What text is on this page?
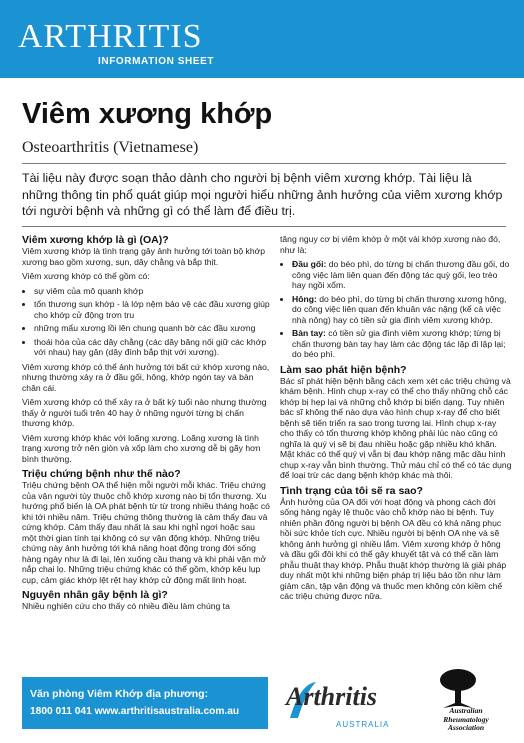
ARTHRITIS
INFORMATION SHEET
Viêm xương khớp
Osteoarthritis (Vietnamese)
Tài liệu này được soạn thảo dành cho người bị bệnh viêm xương khớp. Tài liệu là những thông tin phổ quát giúp mọi người hiểu những ảnh hưởng của viêm xương khớp tới người bệnh và những gì có thể làm để điều trị.
Viêm xương khớp là gì (OA)?

Viêm xương khớp là tình trạng gây ảnh hưởng tới toàn bộ khớp xương bao gồm xương, sụn, dây chằng và bắp thịt.

Viêm xương khớp có thể gồm có:

• sự viêm của mô quanh khớp
• tổn thương sụn khớp - là lớp nệm bảo vệ các đầu xương giúp cho khớp cử động trơn tru
• những mẩu xương lồi lên chung quanh bờ các đầu xương
• thoái hóa của các dây chằng (các dây băng nối giữ các khớp với nhau) hay gân (dây đính bắp thịt với xương).

Viêm xương khớp có thể ảnh hưởng tới bất cứ khớp xương nào, nhưng thường xảy ra ở đầu gối, hông, khớp ngón tay và bàn chân cái.

Viêm xương khớp có thể xảy ra ở bất kỳ tuổi nào nhưng thường thấy ở người tuổi trên 40 hay ở những người từng bị chấn thương khớp.

Viêm xương khớp khác với loãng xương. Loãng xương là tình trạng xương trở nên giòn và xốp làm cho xương dễ bị gãy hơn bình thường.

Triệu chứng bệnh như thế nào?

Triệu chứng bệnh OA thể hiện mỗi người mỗi khác. Triệu chứng của vận người tùy thuộc chỗ khớp xương nào bị tổn thương. Xu hướng phổ biến là OA phát bệnh từ từ trong nhiều tháng hoặc có khi tới nhiều năm. Triệu chứng thông thường là cảm thấy đau và cứng khớp. Cảm thấy đau nhất là sau khi nghỉ ngơi hoặc sau một thời gian tính tại không có sự vận động khớp. Những triệu chứng này ảnh hưởng tới khả năng hoạt động trong đời sống hàng ngày như là đi lại, lên xuống cầu thang và khi phải vặn mở nắp chai lọ. Những triệu chứng khác có thể gồm, khớp kêu lụp cụp, cảm giác khớp lệt rệt hay khớp cử động mất linh hoạt.

Nguyên nhân gây bệnh là gì?

Nhiều nghiên cứu cho thấy có nhiều điều làm chúng ta

tăng nguy cơ bị viêm khớp ở một vài khớp xương nào đó, như là:

• Đầu gối: do béo phì, do từng bị chấn thương đầu gối, do công việc làm liên quan đến động tác quỳ gối, leo trèo hay ngồi xổm.
• Hông: do béo phì, do từng bị chấn thương xương hông, do công việc liên quan đến khuân vác nặng (kể cả việc nhà nông) hay có tiền sử gia đình viêm xương khớp.
• Bàn tay: có tiền sử gia đình viêm xương khớp; từng bị chấn thương bàn tay hay làm các động tác lặp đi lặp lại; do béo phì.
Làm sao phát hiện bệnh?

Bác sĩ phát hiện bệnh bằng cách xem xét các triệu chứng và khám bệnh. Hình chụp x-ray có thể cho thấy những chỗ các khớp bị hẹp lại và những chỗ khớp bị biến dạng. Tuy nhiên bác sĩ không thể nào dựa vào hình chụp x-ray để cho biết bệnh sẽ tiến triển ra sao trong tương lai. Hình chụp x-ray cho thấy có tổn thương khớp không phải lúc nào cũng có nghĩa là quý vị sẽ bị đau nhiều hoặc gặp nhiều khó khăn. Mặt khác có thể quý vị vẫn bị đau khớp nặng mặc dầu hình chụp x-ray vẫn bình thường. Thử máu chỉ có thể có tác dụng để loại trừ các dạng bệnh khớp khác mà thôi.

Tình trạng của tôi sẽ ra sao?

Ảnh hưởng của OA đối với hoạt động và phong cách đời sống hàng ngày lệ thuộc vào chỗ khớp nào bị bệnh. Tuy nhiên phần đông người bị bệnh OA đều có khả năng phục hồi sức khỏe tích cực. Nhiều người bị bệnh OA nhẹ và sẽ không ảnh hưởng gì nhiều lắm. Viêm xương khớp ở hông và đầu gối đôi khi có thể gây khuyết tật và có thể cần làm phẫu thuật thay khớp. Phẫu thuật khớp thường là giải pháp duy nhất một khi những biện pháp trị liệu bảo tồn như làm giảm cân, tập vận động và thuốc men không còn kiềm chế các triệu chứng được nữa.

Văn phòng Viêm Khớp địa phương:
1800 011 041 www.arthritisaustralia.com.au
Arthritis
AUSTRALIA
Australian
Rheumatology
Association
